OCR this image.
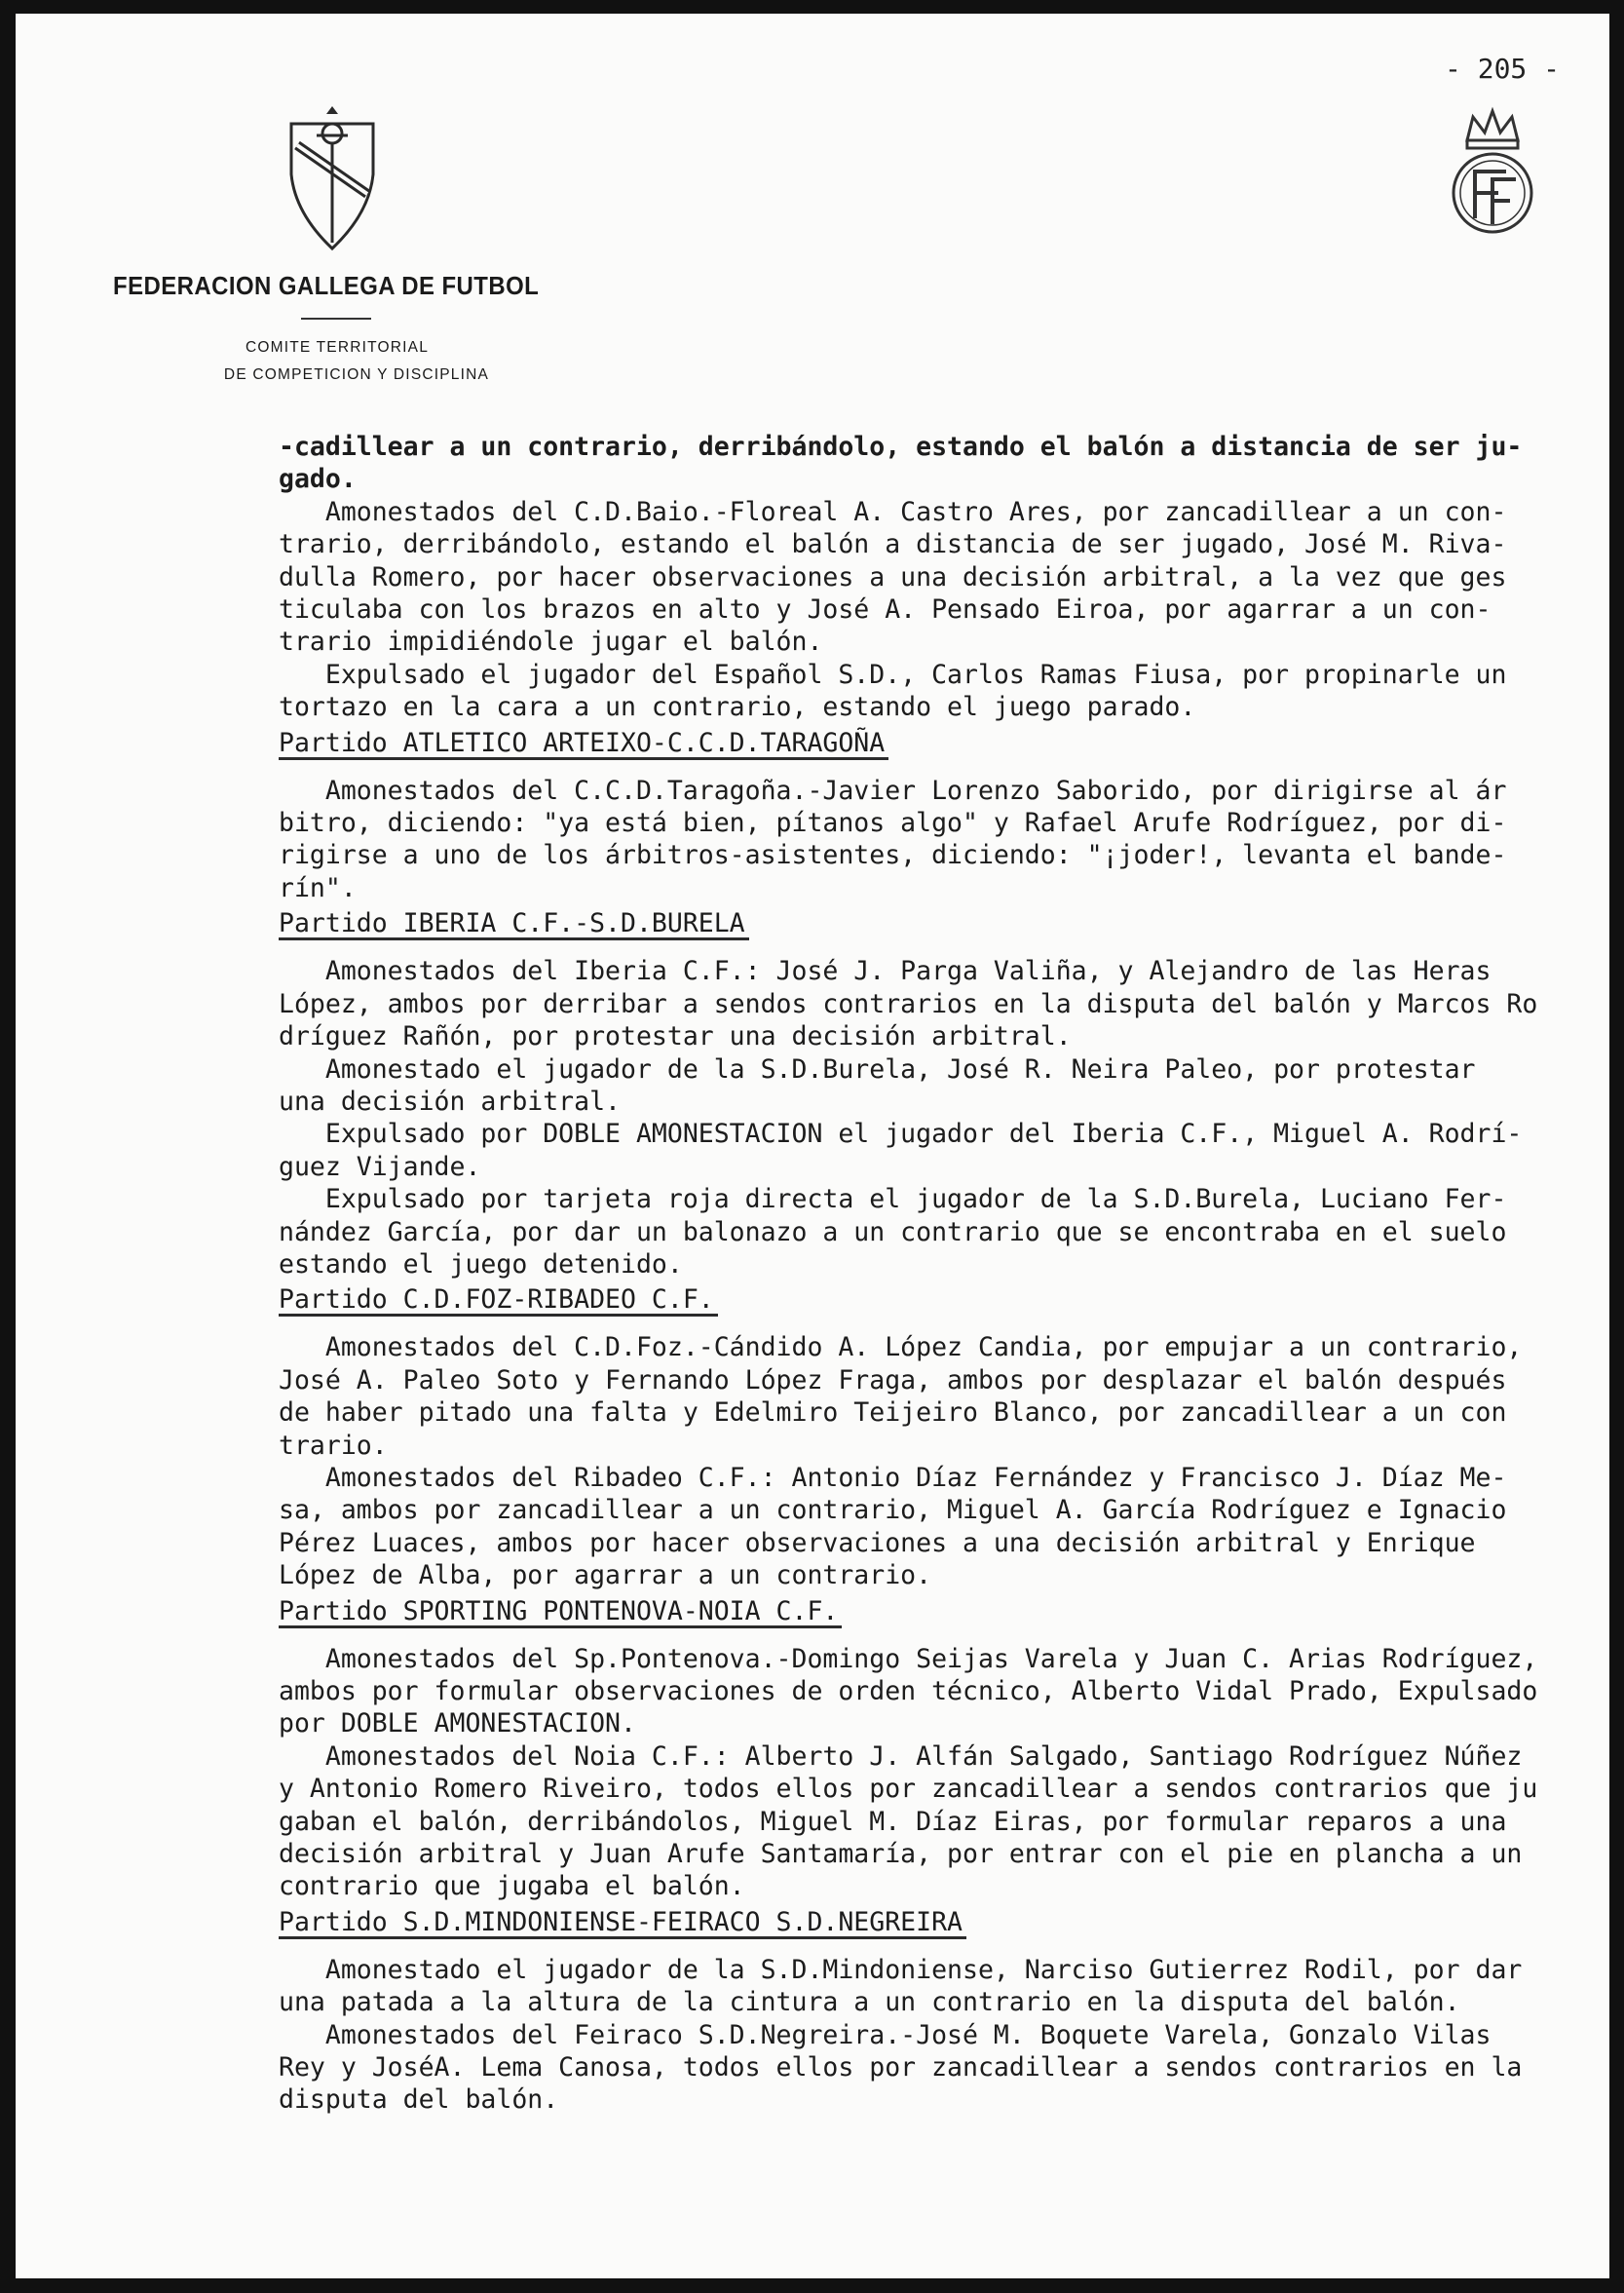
- 205 -
FEDERACION GALLEGA DE FUTBOL
COMITE TERRITORIAL
DE COMPETICION Y DISCIPLINA
-cadillear a un contrario, derribándolo, estando el balón a distancia de ser ju-
gado.
Amonestados del C.D.Baio.-Floreal A. Castro Ares, por zancadillear a un con-
trario, derribándolo, estando el balón a distancia de ser jugado, José M. Riva-
dulla Romero, por hacer observaciones a una decisión arbitral, a la vez que ges
ticulaba con los brazos en alto y José A. Pensado Eiroa, por agarrar a un con-
trario impidiéndole jugar el balón.
Expulsado el jugador del Español S.D., Carlos Ramas Fiusa, por propinarle un
tortazo en la cara a un contrario, estando el juego parado.
Partido ATLETICO ARTEIXO-C.C.D.TARAGOÑA
Amonestados del C.C.D.Taragoña.-Javier Lorenzo Saborido, por dirigirse al ár
bitro, diciendo: "ya está bien, pítanos algo" y Rafael Arufe Rodríguez, por di-
rigirse a uno de los árbitros-asistentes, diciendo: "¡joder!, levanta el bande-
rín".
Partido IBERIA C.F.-S.D.BURELA
Amonestados del Iberia C.F.: José J. Parga Valiña, y Alejandro de las Heras
López, ambos por derribar a sendos contrarios en la disputa del balón y Marcos Ro
dríguez Rañón, por protestar una decisión arbitral.
Amonestado el jugador de la S.D.Burela, José R. Neira Paleo, por protestar
una decisión arbitral.
Expulsado por DOBLE AMONESTACION el jugador del Iberia C.F., Miguel A. Rodrí-
guez Vijande.
Expulsado por tarjeta roja directa el jugador de la S.D.Burela, Luciano Fer-
nández García, por dar un balonazo a un contrario que se encontraba en el suelo
estando el juego detenido.
Partido C.D.FOZ-RIBADEO C.F.
Amonestados del C.D.Foz.-Cándido A. López Candia, por empujar a un contrario,
José A. Paleo Soto y Fernando López Fraga, ambos por desplazar el balón después
de haber pitado una falta y Edelmiro Teijeiro Blanco, por zancadillear a un con
trario.
Amonestados del Ribadeo C.F.: Antonio Díaz Fernández y Francisco J. Díaz Me-
sa, ambos por zancadillear a un contrario, Miguel A. García Rodríguez e Ignacio
Pérez Luaces, ambos por hacer observaciones a una decisión arbitral y Enrique
López de Alba, por agarrar a un contrario.
Partido SPORTING PONTENOVA-NOIA C.F.
Amonestados del Sp.Pontenova.-Domingo Seijas Varela y Juan C. Arias Rodríguez,
ambos por formular observaciones de orden técnico, Alberto Vidal Prado, Expulsado
por DOBLE AMONESTACION.
Amonestados del Noia C.F.: Alberto J. Alfán Salgado, Santiago Rodríguez Núñez
y Antonio Romero Riveiro, todos ellos por zancadillear a sendos contrarios que ju
gaban el balón, derribándolos, Miguel M. Díaz Eiras, por formular reparos a una
decisión arbitral y Juan Arufe Santamaría, por entrar con el pie en plancha a un
contrario que jugaba el balón.
Partido S.D.MINDONIENSE-FEIRACO S.D.NEGREIRA
Amonestado el jugador de la S.D.Mindoniense, Narciso Gutierrez Rodil, por dar
una patada a la altura de la cintura a un contrario en la disputa del balón.
Amonestados del Feiraco S.D.Negreira.-José M. Boquete Varela, Gonzalo Vilas
Rey y JoséA. Lema Canosa, todos ellos por zancadillear a sendos contrarios en la
disputa del balón.
